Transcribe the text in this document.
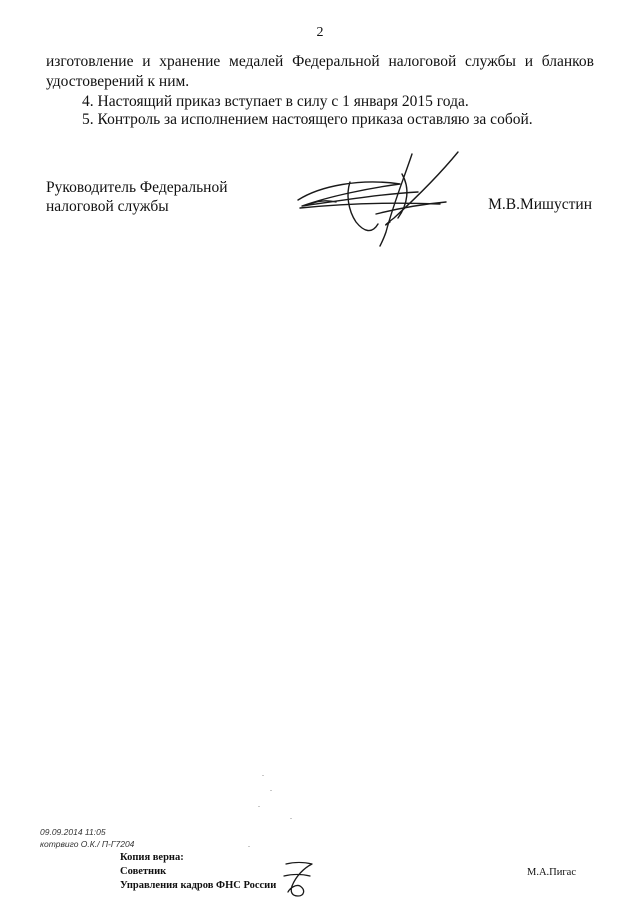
2
изготовление и хранение медалей Федеральной налоговой службы и бланков удостоверений к ним.
4. Настоящий приказ вступает в силу с 1 января 2015 года.
5. Контроль за исполнением настоящего приказа оставляю за собой.
Руководитель Федеральной
налоговой службы	М.В.Мишустин
09.09.2014 11:05
котрвиго О.К./ П-Г7204
Копия верна:
Советник
Управления кадров ФНС России
М.А.Пигас
